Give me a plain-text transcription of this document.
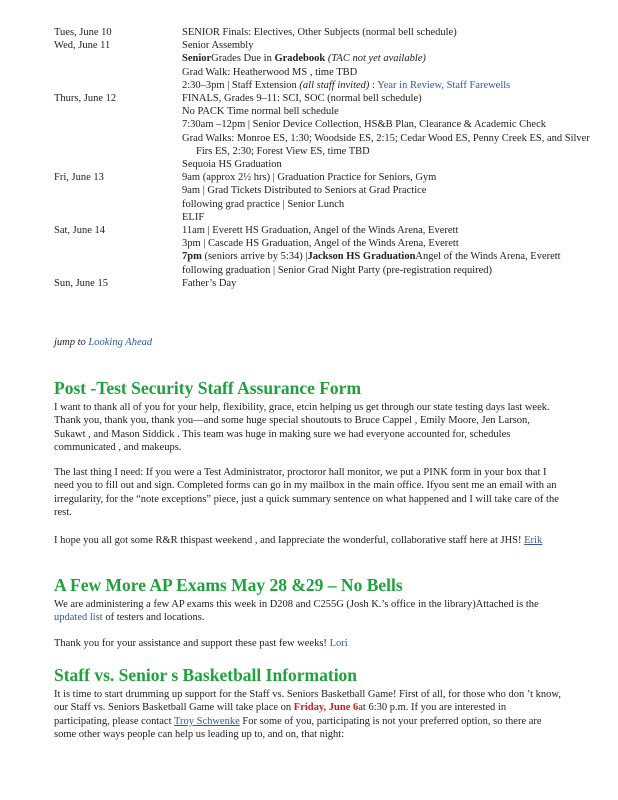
Tues, June 10	SENIOR Finals: Electives, Other Subjects (normal bell schedule)
Wed, June 11	Senior Assembly
SeniorGrades Due in Gradebook (TAC not yet available)
Grad Walk: Heatherwood MS , time TBD
2:30–3pm | Staff Extension (all staff invited) : Year in Review, Staff Farewells
Thurs, June 12	FINALS, Grades 9–11: SCI, SOC (normal bell schedule)
No PACK Time normal bell schedule
7:30am –12pm | Senior Device Collection, HS&B Plan, Clearance & Academic Check
Grad Walks: Monroe ES, 1:30; Woodside ES, 2:15; Cedar Wood ES, Penny Creek ES, and Silver Firs ES, 2:30; Forest View ES, time TBD
Sequoia HS Graduation
Fri, June 13	9am (approx 2½ hrs) | Graduation Practice for Seniors, Gym
9am | Grad Tickets Distributed to Seniors at Grad Practice
following grad practice | Senior Lunch
ELIF
Sat, June 14	11am | Everett HS Graduation, Angel of the Winds Arena, Everett
3pm | Cascade HS Graduation, Angel of the Winds Arena, Everett
7pm (seniors arrive by 5:34) |Jackson HS GraduationAngel of the Winds Arena, Everett
following graduation | Senior Grad Night Party (pre-registration required)
Sun, June 15	Father’s Day
jump to Looking Ahead
Post -Test Security Staff Assurance Form

I want to thank all of you for your help, flexibility, grace, etcin helping us get through our state testing days last week. Thank you, thank you, thank you—and some huge special shoutouts to Bruce Cappel , Emily Moore, Jen Larson, Sukawt , and Mason Siddick . This team was huge in making sure we had everyone accounted for, schedules communicated , and makeups.

The last thing I need: If you were a Test Administrator, proctoror hall monitor, we put a PINK form in your box that I need you to fill out and sign. Completed forms can go in my mailbox in the main office. Ifyou sent me an email with an irregularity, for the “note exceptions” piece, just a quick summary sentence on what happened and I will take care of the rest.

I hope you all got some R&R thispast weekend , and Iappreciate the wonderful, collaborative staff here at JHS! Erik

A Few More AP Exams May 28 &29 – No Bells

We are administering a few AP exams this week in D208 and C255G (Josh K.’s office in the library)Attached is the updated list of testers and locations.

Thank you for your assistance and support these past few weeks! Lori

Staff vs. Senior s Basketball Information

It is time to start drumming up support for the Staff vs. Seniors Basketball Game! First of all, for those who don ’t know, our Staff vs. Seniors Basketball Game will take place on Friday, June 6at 6:30 p.m. If you are interested in participating, please contact Troy Schwenke For some of you, participating is not your preferred option, so there are some other ways people can help us leading up to, and on, that night:
